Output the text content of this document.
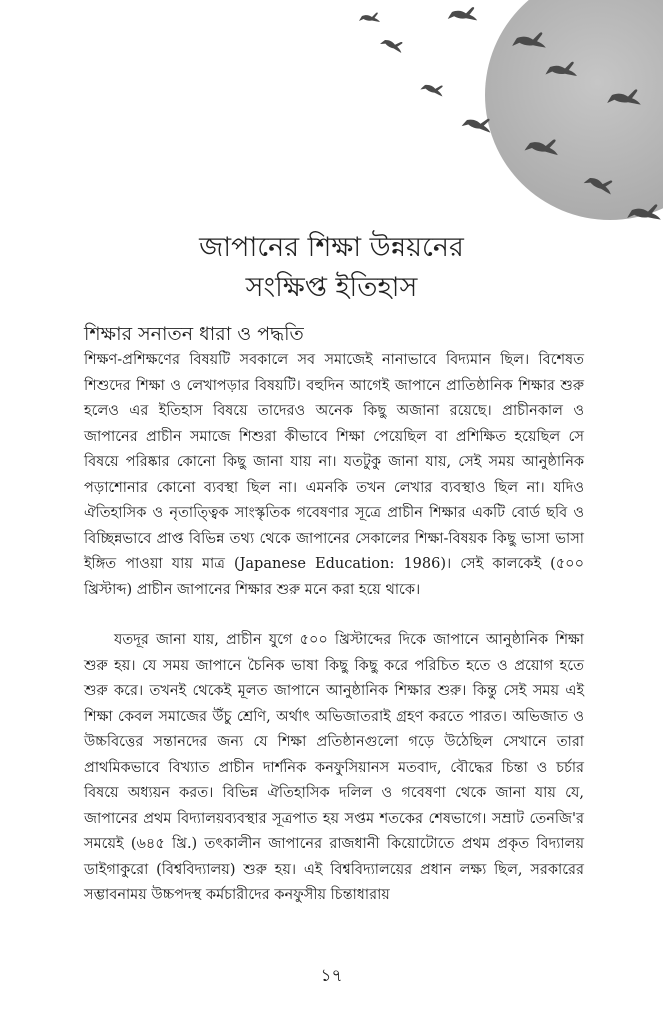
জাপানের শিক্ষা উন্নয়নের
সংক্ষিপ্ত ইতিহাস
শিক্ষার সনাতন ধারা ও পদ্ধতি
শিক্ষণ-প্রশিক্ষণের বিষয়টি সবকালে সব সমাজেই নানাভাবে বিদ্যমান ছিল। বিশেষত শিশুদের শিক্ষা ও লেখাপড়ার বিষয়টি। বহুদিন আগেই জাপানে প্রাতিষ্ঠানিক শিক্ষার শুরু হলেও এর ইতিহাস বিষয়ে তাদেরও অনেক কিছু অজানা রয়েছে। প্রাচীনকাল ও জাপানের প্রাচীন সমাজে শিশুরা কীভাবে শিক্ষা পেয়েছিল বা প্রশিক্ষিত হয়েছিল সে বিষয়ে পরিষ্কার কোনো কিছু জানা যায় না। যতটুকু জানা যায়, সেই সময় আনুষ্ঠানিক পড়াশোনার কোনো ব্যবস্থা ছিল না। এমনকি তখন লেখার ব্যবস্থাও ছিল না। যদিও ঐতিহাসিক ও নৃতাত্ত্বিক সাংস্কৃতিক গবেষণার সূত্রে প্রাচীন শিক্ষার একটি বোর্ড ছবি ও বিচ্ছিন্নভাবে প্রাপ্ত বিভিন্ন তথ্য থেকে জাপানের সেকালের শিক্ষা-বিষয়ক কিছু ভাসা ভাসা ইঙ্গিত পাওয়া যায় মাত্র (Japanese Education: 1986)। সেই কালকেই (৫০০ খ্রিস্টাব্দ) প্রাচীন জাপানের শিক্ষার শুরু মনে করা হয়ে থাকে।
যতদূর জানা যায়, প্রাচীন যুগে ৫০০ খ্রিস্টাব্দের দিকে জাপানে আনুষ্ঠানিক শিক্ষা শুরু হয়। যে সময় জাপানে চৈনিক ভাষা কিছু কিছু করে পরিচিত হতে ও প্রয়োগ হতে শুরু করে। তখনই থেকেই মূলত জাপানে আনুষ্ঠানিক শিক্ষার শুরু। কিন্তু সেই সময় এই শিক্ষা কেবল সমাজের উঁচু শ্রেণি, অর্থাৎ অভিজাতরাই গ্রহণ করতে পারত। অভিজাত ও উচ্চবিত্তের সন্তানদের জন্য যে শিক্ষা প্রতিষ্ঠানগুলো গড়ে উঠেছিল সেখানে তারা প্রাথমিকভাবে বিখ্যাত প্রাচীন দার্শনিক কনফুসিয়ানস মতবাদ, বৌদ্ধের চিন্তা ও চর্চার বিষয়ে অধ্যয়ন করত। বিভিন্ন ঐতিহাসিক দলিল ও গবেষণা থেকে জানা যায় যে, জাপানের প্রথম বিদ্যালয়ব্যবস্থার সূত্রপাত হয় সপ্তম শতকের শেষভাগে। সম্রাট তেনজি'র সময়েই (৬৪৫ খ্রি.) তৎকালীন জাপানের রাজধানী কিয়োটোতে প্রথম প্রকৃত বিদ্যালয় ডাইগাকুরো (বিশ্ববিদ্যালয়) শুরু হয়। এই বিশ্ববিদ্যালয়ের প্রধান লক্ষ্য ছিল, সরকারের সম্ভাবনাময় উচ্চপদস্থ কর্মচারীদের কনফুসীয় চিন্তাধারায়
১৭
